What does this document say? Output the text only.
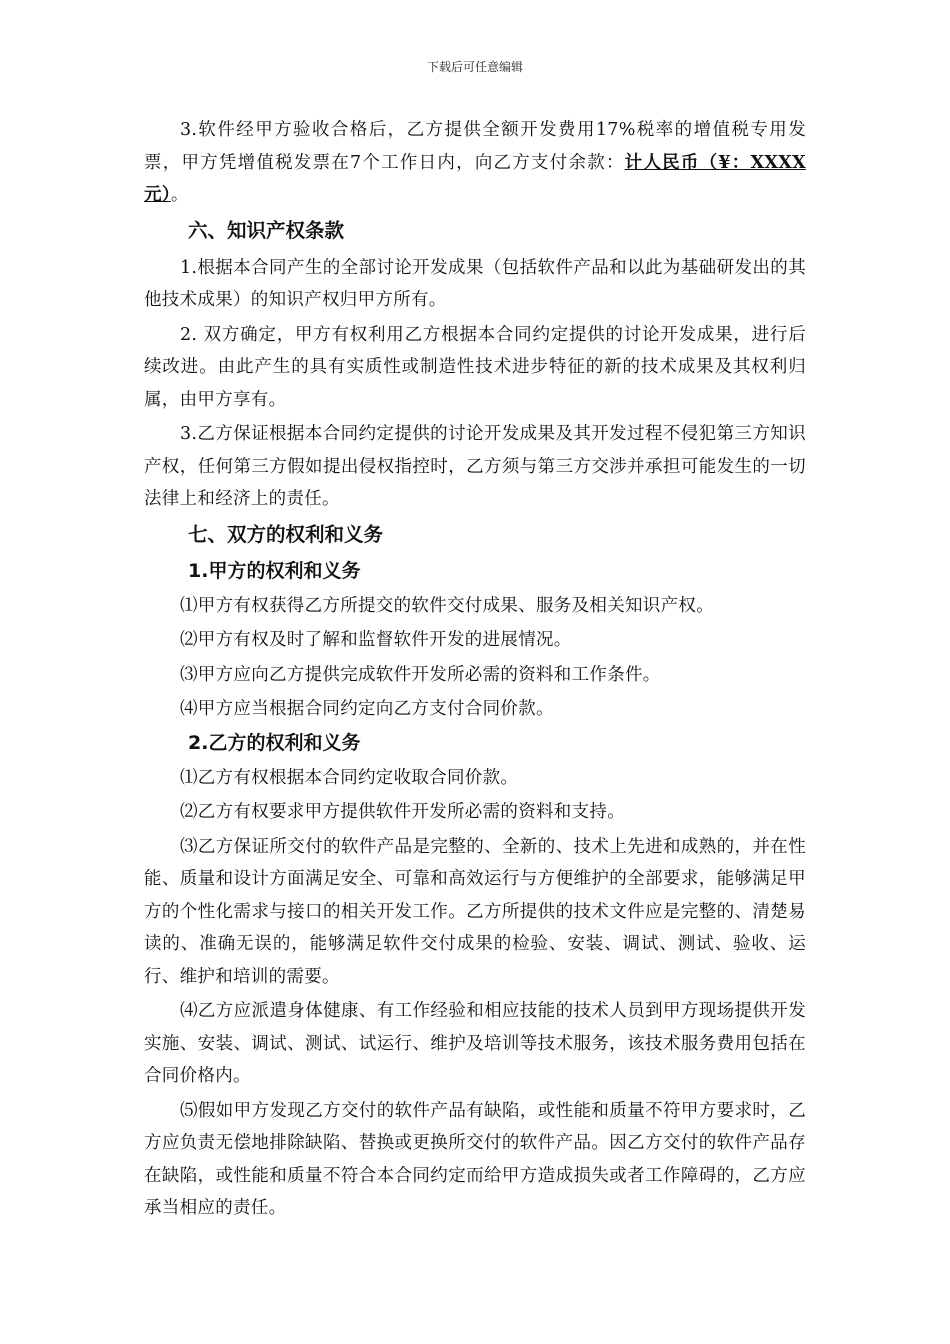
下载后可任意编辑

3.软件经甲方验收合格后，乙方提供全额开发费用17%税率的增值税专用发票，甲方凭增值税发票在7个工作日内，向乙方支付余款：计人民币（¥：XXXX元）。

六、知识产权条款

1.根据本合同产生的全部讨论开发成果（包括软件产品和以此为基础研发出的其他技术成果）的知识产权归甲方所有。

2. 双方确定，甲方有权利用乙方根据本合同约定提供的讨论开发成果，进行后续改进。由此产生的具有实质性或制造性技术进步特征的新的技术成果及其权利归属，由甲方享有。

3.乙方保证根据本合同约定提供的讨论开发成果及其开发过程不侵犯第三方知识产权，任何第三方假如提出侵权指控时，乙方须与第三方交涉并承担可能发生的一切法律上和经济上的责任。

七、双方的权利和义务
1.甲方的权利和义务

⑴甲方有权获得乙方所提交的软件交付成果、服务及相关知识产权。

⑵甲方有权及时了解和监督软件开发的进展情况。

⑶甲方应向乙方提供完成软件开发所必需的资料和工作条件。

⑷甲方应当根据合同约定向乙方支付合同价款。

2.乙方的权利和义务

⑴乙方有权根据本合同约定收取合同价款。

⑵乙方有权要求甲方提供软件开发所必需的资料和支持。

⑶乙方保证所交付的软件产品是完整的、全新的、技术上先进和成熟的，并在性能、质量和设计方面满足安全、可靠和高效运行与方便维护的全部要求，能够满足甲方的个性化需求与接口的相关开发工作。乙方所提供的技术文件应是完整的、清楚易读的、准确无误的，能够满足软件交付成果的检验、安装、调试、测试、验收、运行、维护和培训的需要。

⑷乙方应派遣身体健康、有工作经验和相应技能的技术人员到甲方现场提供开发实施、安装、调试、测试、试运行、维护及培训等技术服务，该技术服务费用包括在合同价格内。

⑸假如甲方发现乙方交付的软件产品有缺陷，或性能和质量不符甲方要求时，乙方应负责无偿地排除缺陷、替换或更换所交付的软件产品。因乙方交付的软件产品存在缺陷，或性能和质量不符合本合同约定而给甲方造成损失或者工作障碍的，乙方应承当相应的责任。
